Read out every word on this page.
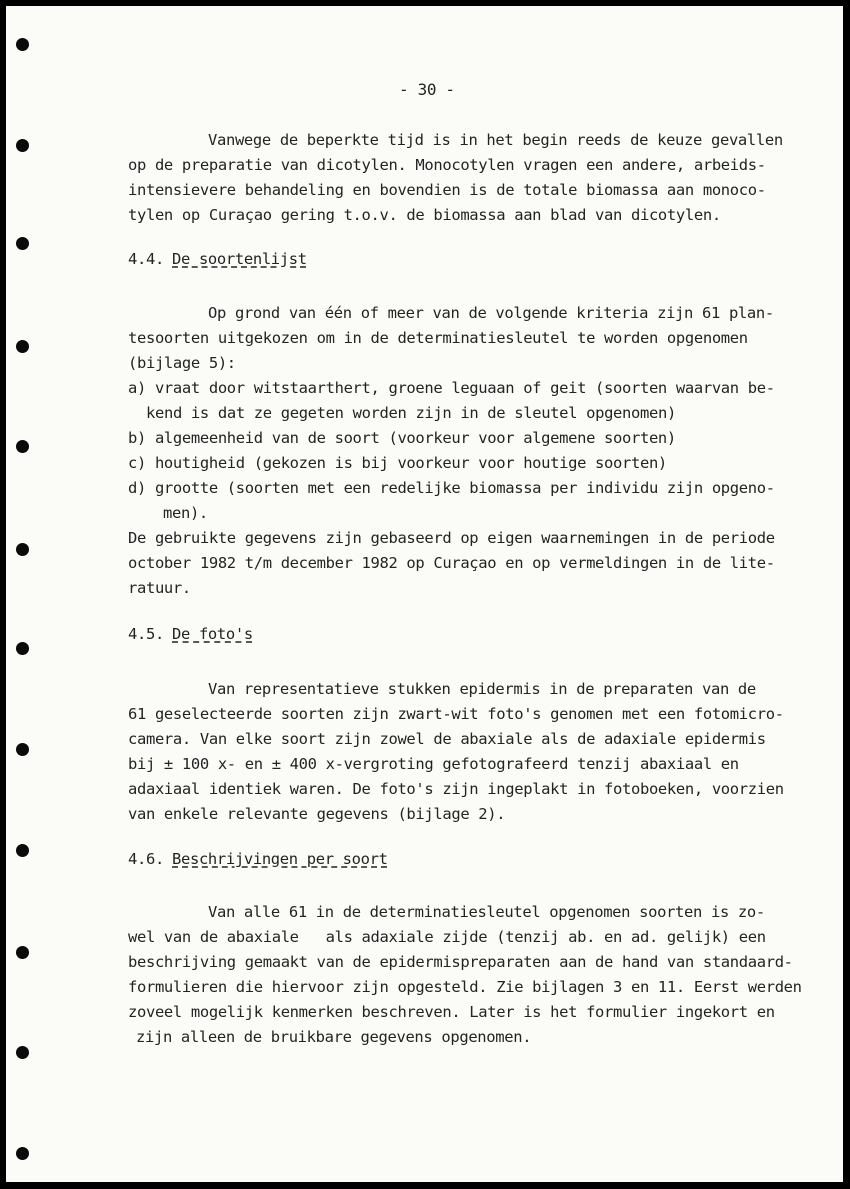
- 30 -
Vanwege de beperkte tijd is in het begin reeds de keuze gevallen
op de preparatie van dicotylen. Monocotylen vragen een andere, arbeids-
intensievere behandeling en bovendien is de totale biomassa aan monoco-
tylen op Curaçao gering t.o.v. de biomassa aan blad van dicotylen.
4.4. De soortenlijst
Op grond van één of meer van de volgende kriteria zijn 61 plan-
tesoorten uitgekozen om in de determinatiesleutel te worden opgenomen
(bijlage 5):
a) vraat door witstaarthert, groene leguaan of geit (soorten waarvan be-
kend is dat ze gegeten worden zijn in de sleutel opgenomen)
b) algemeenheid van de soort (voorkeur voor algemene soorten)
c) houtigheid (gekozen is bij voorkeur voor houtige soorten)
d) grootte (soorten met een redelijke biomassa per individu zijn opgeno-
men).
De gebruikte gegevens zijn gebaseerd op eigen waarnemingen in de periode
october 1982 t/m december 1982 op Curaçao en op vermeldingen in de lite-
ratuur.
4.5. De foto's
Van representatieve stukken epidermis in de preparaten van de
61 geselecteerde soorten zijn zwart-wit foto's genomen met een fotomicro-
camera. Van elke soort zijn zowel de abaxiale als de adaxiale epidermis
bij ± 100 x- en ± 400 x-vergroting gefotografeerd tenzij abaxiaal en
adaxiaal identiek waren. De foto's zijn ingeplakt in fotoboeken, voorzien
van enkele relevante gegevens (bijlage 2).
4.6. Beschrijvingen per soort
Van alle 61 in de determinatiesleutel opgenomen soorten is zo-
wel van de abaxiale   als adaxiale zijde (tenzij ab. en ad. gelijk) een
beschrijving gemaakt van de epidermispreparaten aan de hand van standaard-
formulieren die hiervoor zijn opgesteld. Zie bijlagen 3 en 11. Eerst werden
zoveel mogelijk kenmerken beschreven. Later is het formulier ingekort en
zijn alleen de bruikbare gegevens opgenomen.
